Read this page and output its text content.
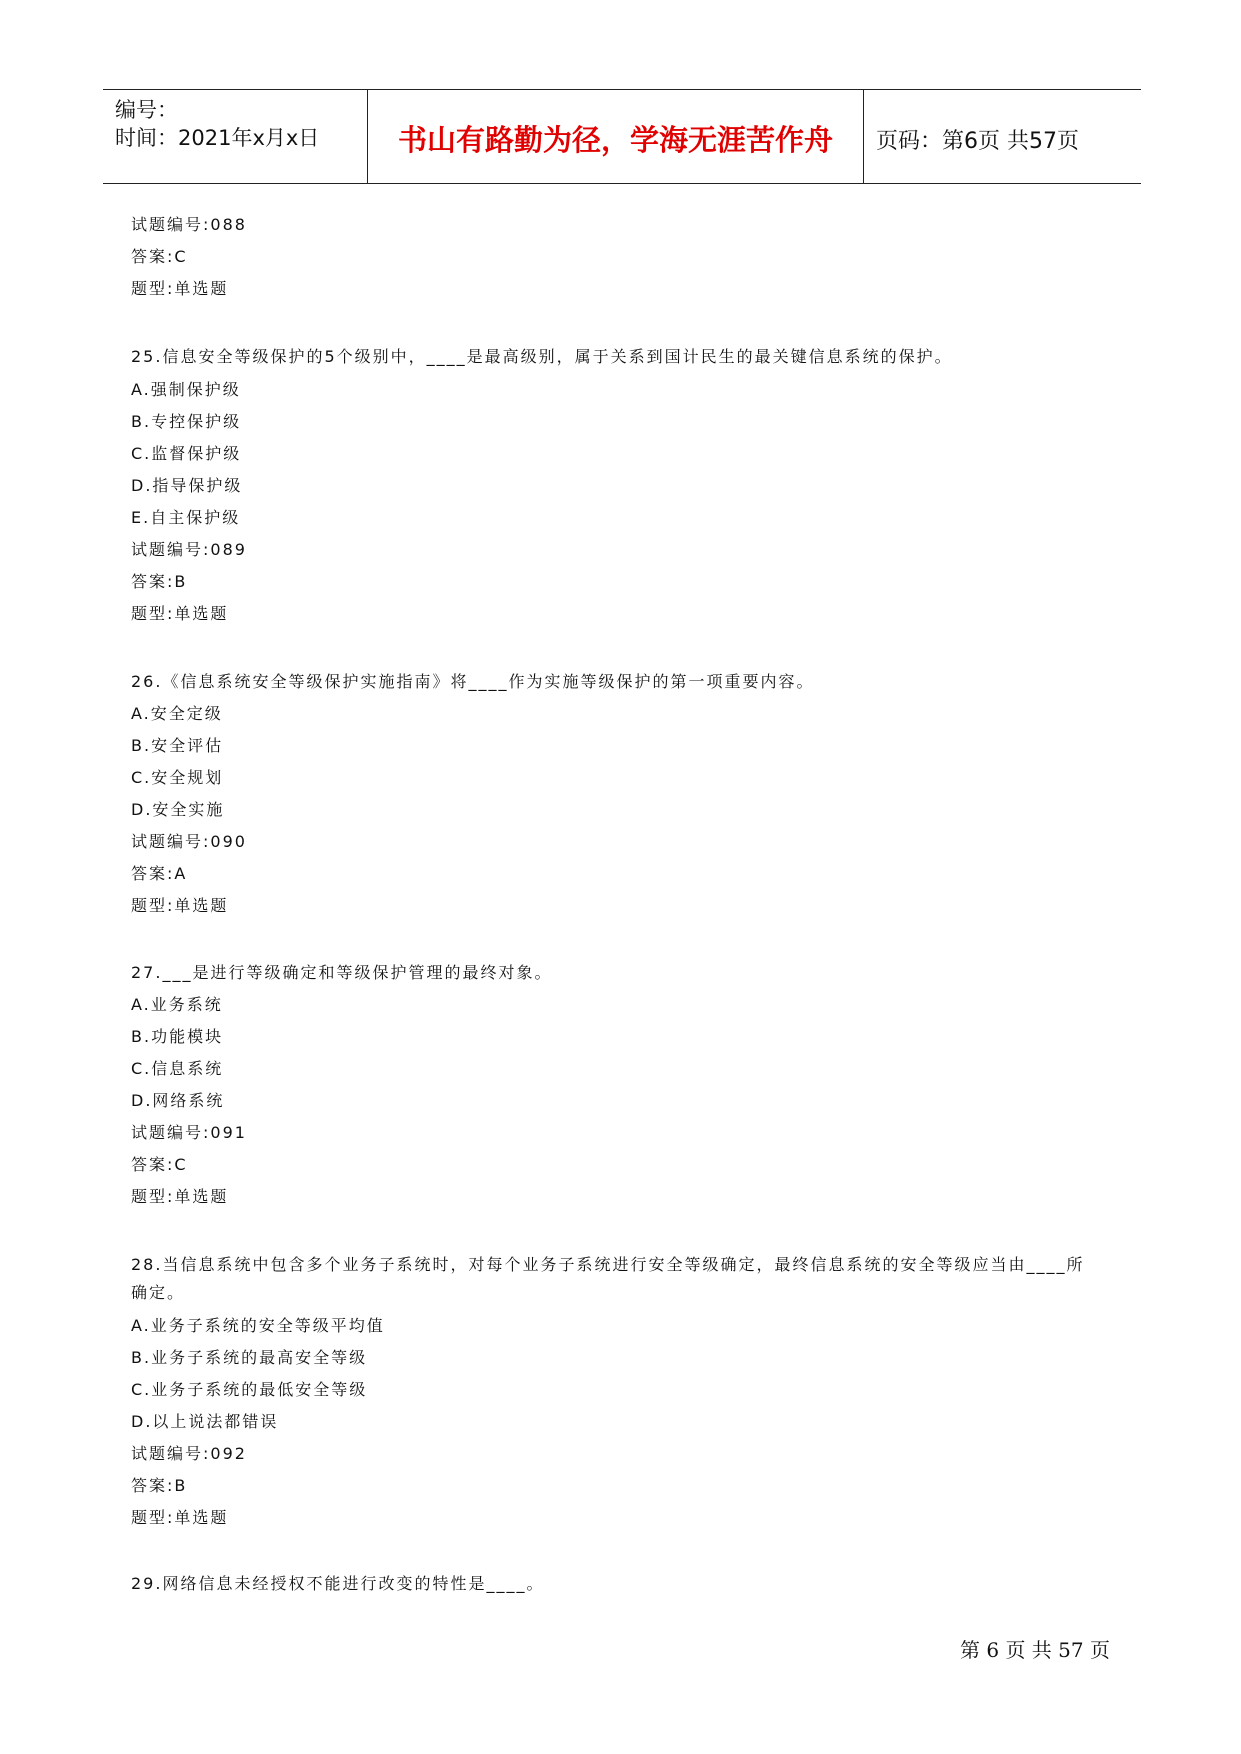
编号：
时间：2021年x月x日	书山有路勤为径，学海无涯苦作舟	页码：第6页 共57页
试题编号:088
答案:C
题型:单选题
25.信息安全等级保护的5个级别中，____是最高级别，属于关系到国计民生的最关键信息系统的保护。
A.强制保护级
B.专控保护级
C.监督保护级
D.指导保护级
E.自主保护级
试题编号:089
答案:B
题型:单选题
26.《信息系统安全等级保护实施指南》将____作为实施等级保护的第一项重要内容。
A.安全定级
B.安全评估
C.安全规划
D.安全实施
试题编号:090
答案:A
题型:单选题
27.___是进行等级确定和等级保护管理的最终对象。
A.业务系统
B.功能模块
C.信息系统
D.网络系统
试题编号:091
答案:C
题型:单选题
28.当信息系统中包含多个业务子系统时，对每个业务子系统进行安全等级确定，最终信息系统的安全等级应当由____所
确定。
A.业务子系统的安全等级平均值
B.业务子系统的最高安全等级
C.业务子系统的最低安全等级
D.以上说法都错误
试题编号:092
答案:B
题型:单选题
29.网络信息未经授权不能进行改变的特性是____。
第 6 页 共 57 页
